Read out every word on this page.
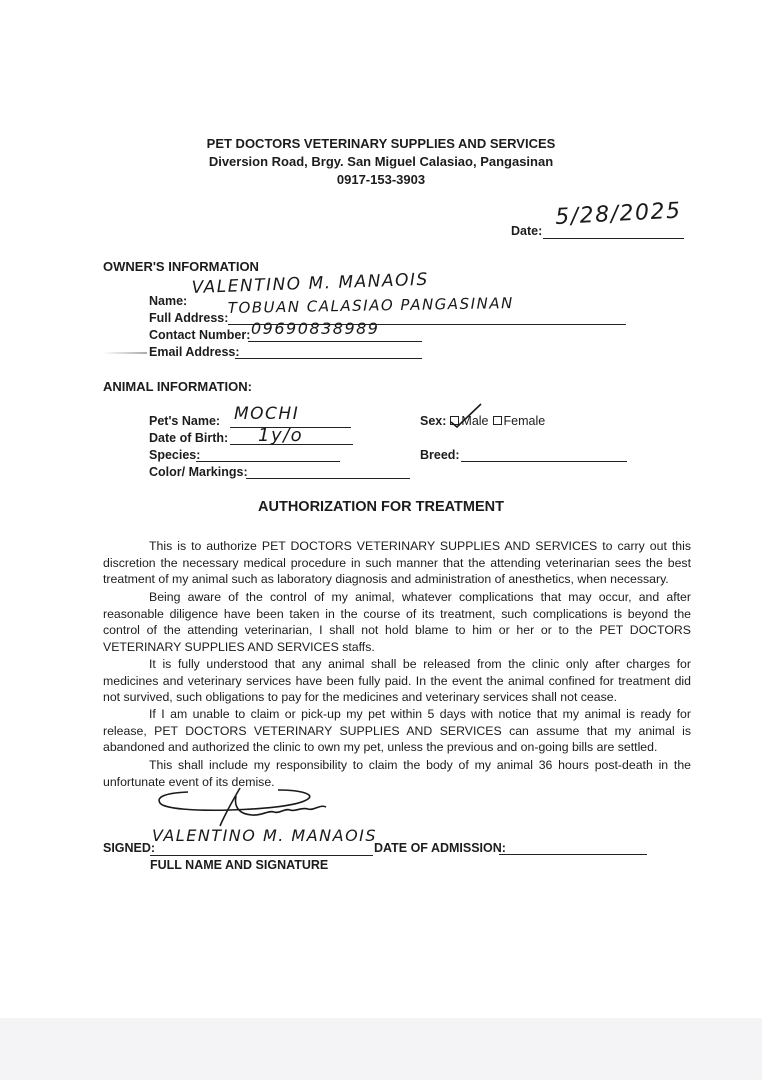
PET DOCTORS VETERINARY SUPPLIES AND SERVICES
Diversion Road, Brgy. San Miguel Calasiao, Pangasinan
0917-153-3903
Date:
5/28/2025
OWNER'S INFORMATION
Name:
VALENTINO M. MANAOIS
Full Address:
TOBUAN CALASIAO PANGASINAN
Contact Number: 09690838989
Email Address:
ANIMAL INFORMATION:
Pet's Name: MOCHI
Date of Birth: 1y/o
Species:
Color/ Markings:
Sex: Male Female
Breed:
AUTHORIZATION FOR TREATMENT

This is to authorize PET DOCTORS VETERINARY SUPPLIES AND SERVICES to carry out this discretion the necessary medical procedure in such manner that the attending veterinarian sees the best treatment of my animal such as laboratory diagnosis and administration of anesthetics, when necessary.

Being aware of the control of my animal, whatever complications that may occur, and after reasonable diligence have been taken in the course of its treatment, such complications is beyond the control of the attending veterinarian, I shall not hold blame to him or her or to the PET DOCTORS VETERINARY SUPPLIES AND SERVICES staffs.

It is fully understood that any animal shall be released from the clinic only after charges for medicines and veterinary services have been fully paid. In the event the animal confined for treatment did not survived, such obligations to pay for the medicines and veterinary services shall not cease.

If I am unable to claim or pick-up my pet within 5 days with notice that my animal is ready for release, PET DOCTORS VETERINARY SUPPLIES AND SERVICES can assume that my animal is abandoned and authorized the clinic to own my pet, unless the previous and on-going bills are settled.

This shall include my responsibility to claim the body of my animal 36 hours post-death in the unfortunate event of its demise.

SIGNED:
VALENTINO M. MANAOIS
DATE OF ADMISSION:
FULL NAME AND SIGNATURE
